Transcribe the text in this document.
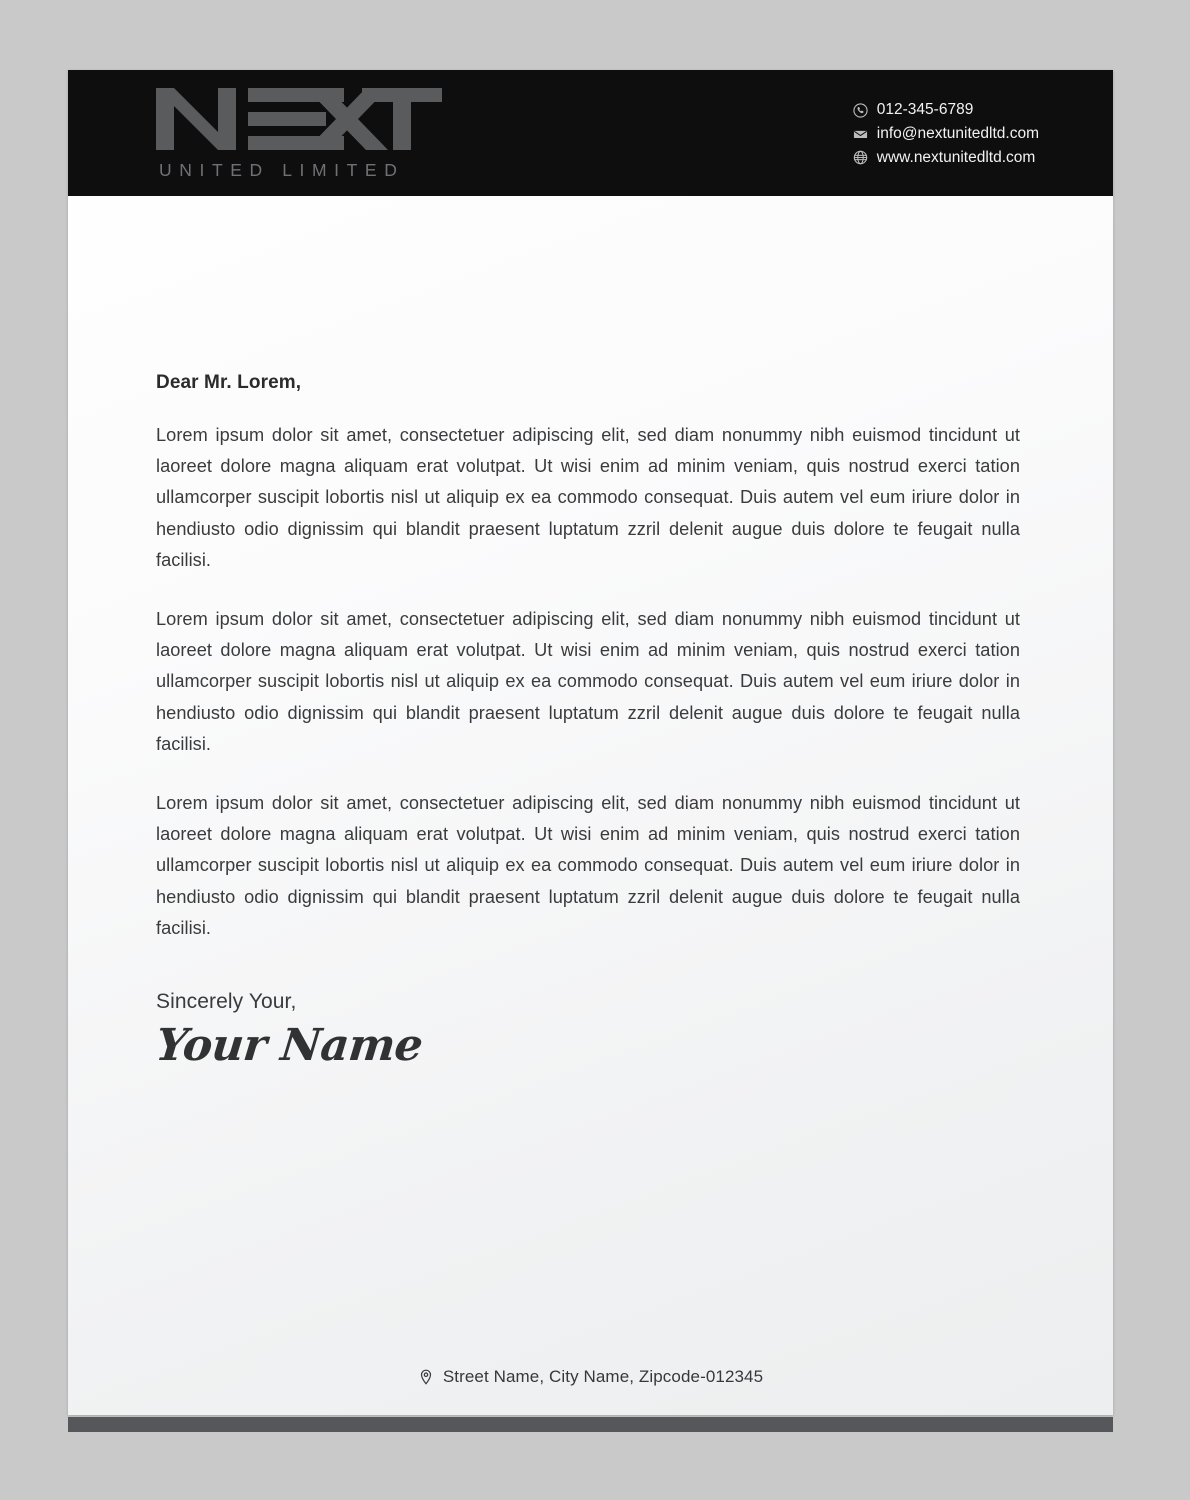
UNITED LIMITED
012-345-6789
info@nextunitedltd.com
www.nextunitedltd.com
Dear Mr. Lorem,

Lorem ipsum dolor sit amet, consectetuer adipiscing elit, sed diam nonummy nibh euismod tincidunt ut laoreet dolore magna aliquam erat volutpat. Ut wisi enim ad minim veniam, quis nostrud exerci tation ullamcorper suscipit lobortis nisl ut aliquip ex ea commodo consequat. Duis autem vel eum iriure dolor in hendiusto odio dignissim qui blandit praesent luptatum zzril delenit augue duis dolore te feugait nulla facilisi.

Lorem ipsum dolor sit amet, consectetuer adipiscing elit, sed diam nonummy nibh euismod tincidunt ut laoreet dolore magna aliquam erat volutpat. Ut wisi enim ad minim veniam, quis nostrud exerci tation ullamcorper suscipit lobortis nisl ut aliquip ex ea commodo consequat. Duis autem vel eum iriure dolor in hendiusto odio dignissim qui blandit praesent luptatum zzril delenit augue duis dolore te feugait nulla facilisi.

Lorem ipsum dolor sit amet, consectetuer adipiscing elit, sed diam nonummy nibh euismod tincidunt ut laoreet dolore magna aliquam erat volutpat. Ut wisi enim ad minim veniam, quis nostrud exerci tation ullamcorper suscipit lobortis nisl ut aliquip ex ea commodo consequat. Duis autem vel eum iriure dolor in hendiusto odio dignissim qui blandit praesent luptatum zzril delenit augue duis dolore te feugait nulla facilisi.

Sincerely Your,
Your Name
Street Name, City Name, Zipcode-012345
